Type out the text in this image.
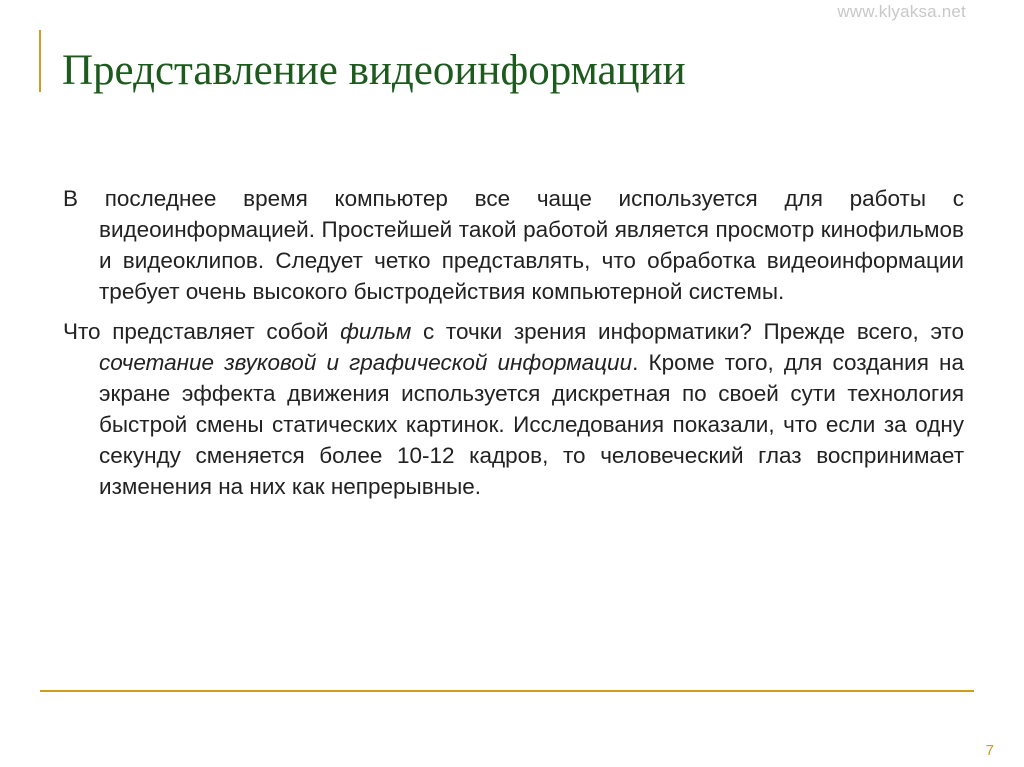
www.klyaksa.net
Представление видеоинформации

В последнее время компьютер все чаще используется для работы с видеоинформацией. Простейшей такой работой является просмотр кинофильмов и видеоклипов. Следует четко представлять, что обработка видеоинформации требует очень высокого быстродействия компьютерной системы.

Что представляет собой фильм с точки зрения информатики? Прежде всего, это сочетание звуковой и графической информации. Кроме того, для создания на экране эффекта движения используется дискретная по своей сути технология быстрой смены статических картинок. Исследования показали, что если за одну секунду сменяется более 10-12 кадров, то человеческий глаз воспринимает изменения на них как непрерывные.

7
